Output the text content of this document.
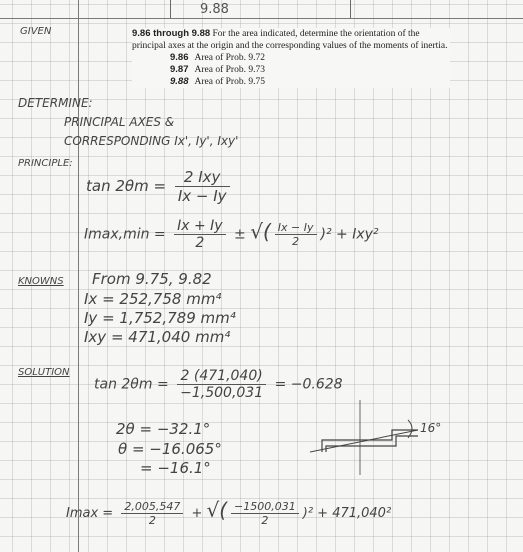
9.88
GIVEN	9.86 through 9.88 For the area indicated, determine the orientation of the principal axes at the origin and the corresponding values of the moments of inertia.
9.86 Area of Prob. 9.72
9.87 Area of Prob. 9.73
9.88 Area of Prob. 9.75
DETERMINE:
PRINCIPAL AXES &
CORRESPONDING Ix', Iy', Ixy'
PRINCIPLE:
$\tan 2\theta m = \frac{\text{2 Ixy}}{Ix - Iy}$
$Imax,\min = \frac{Ix + Iy}{2}$ ± √( $\frac{Ix - Iy}{2} )^2 + Ixy^2$
KNOWNS From 9.75, 9.82
Ix = 252,758 mm⁴
Iy = 1,752,789 mm⁴
Ixy = 471,040 mm⁴
SOLUTION
$\tan 2\theta m = \frac{2 (471,040)}{-1,500,031} = -0.628$
2θ = −32.1°
θ = −16.065°
= −16.1°
16°
$Imax = \frac{2,005,547}{2}$ + √( $\frac{-1500,031}{2} )^2 + 471,040^2$
